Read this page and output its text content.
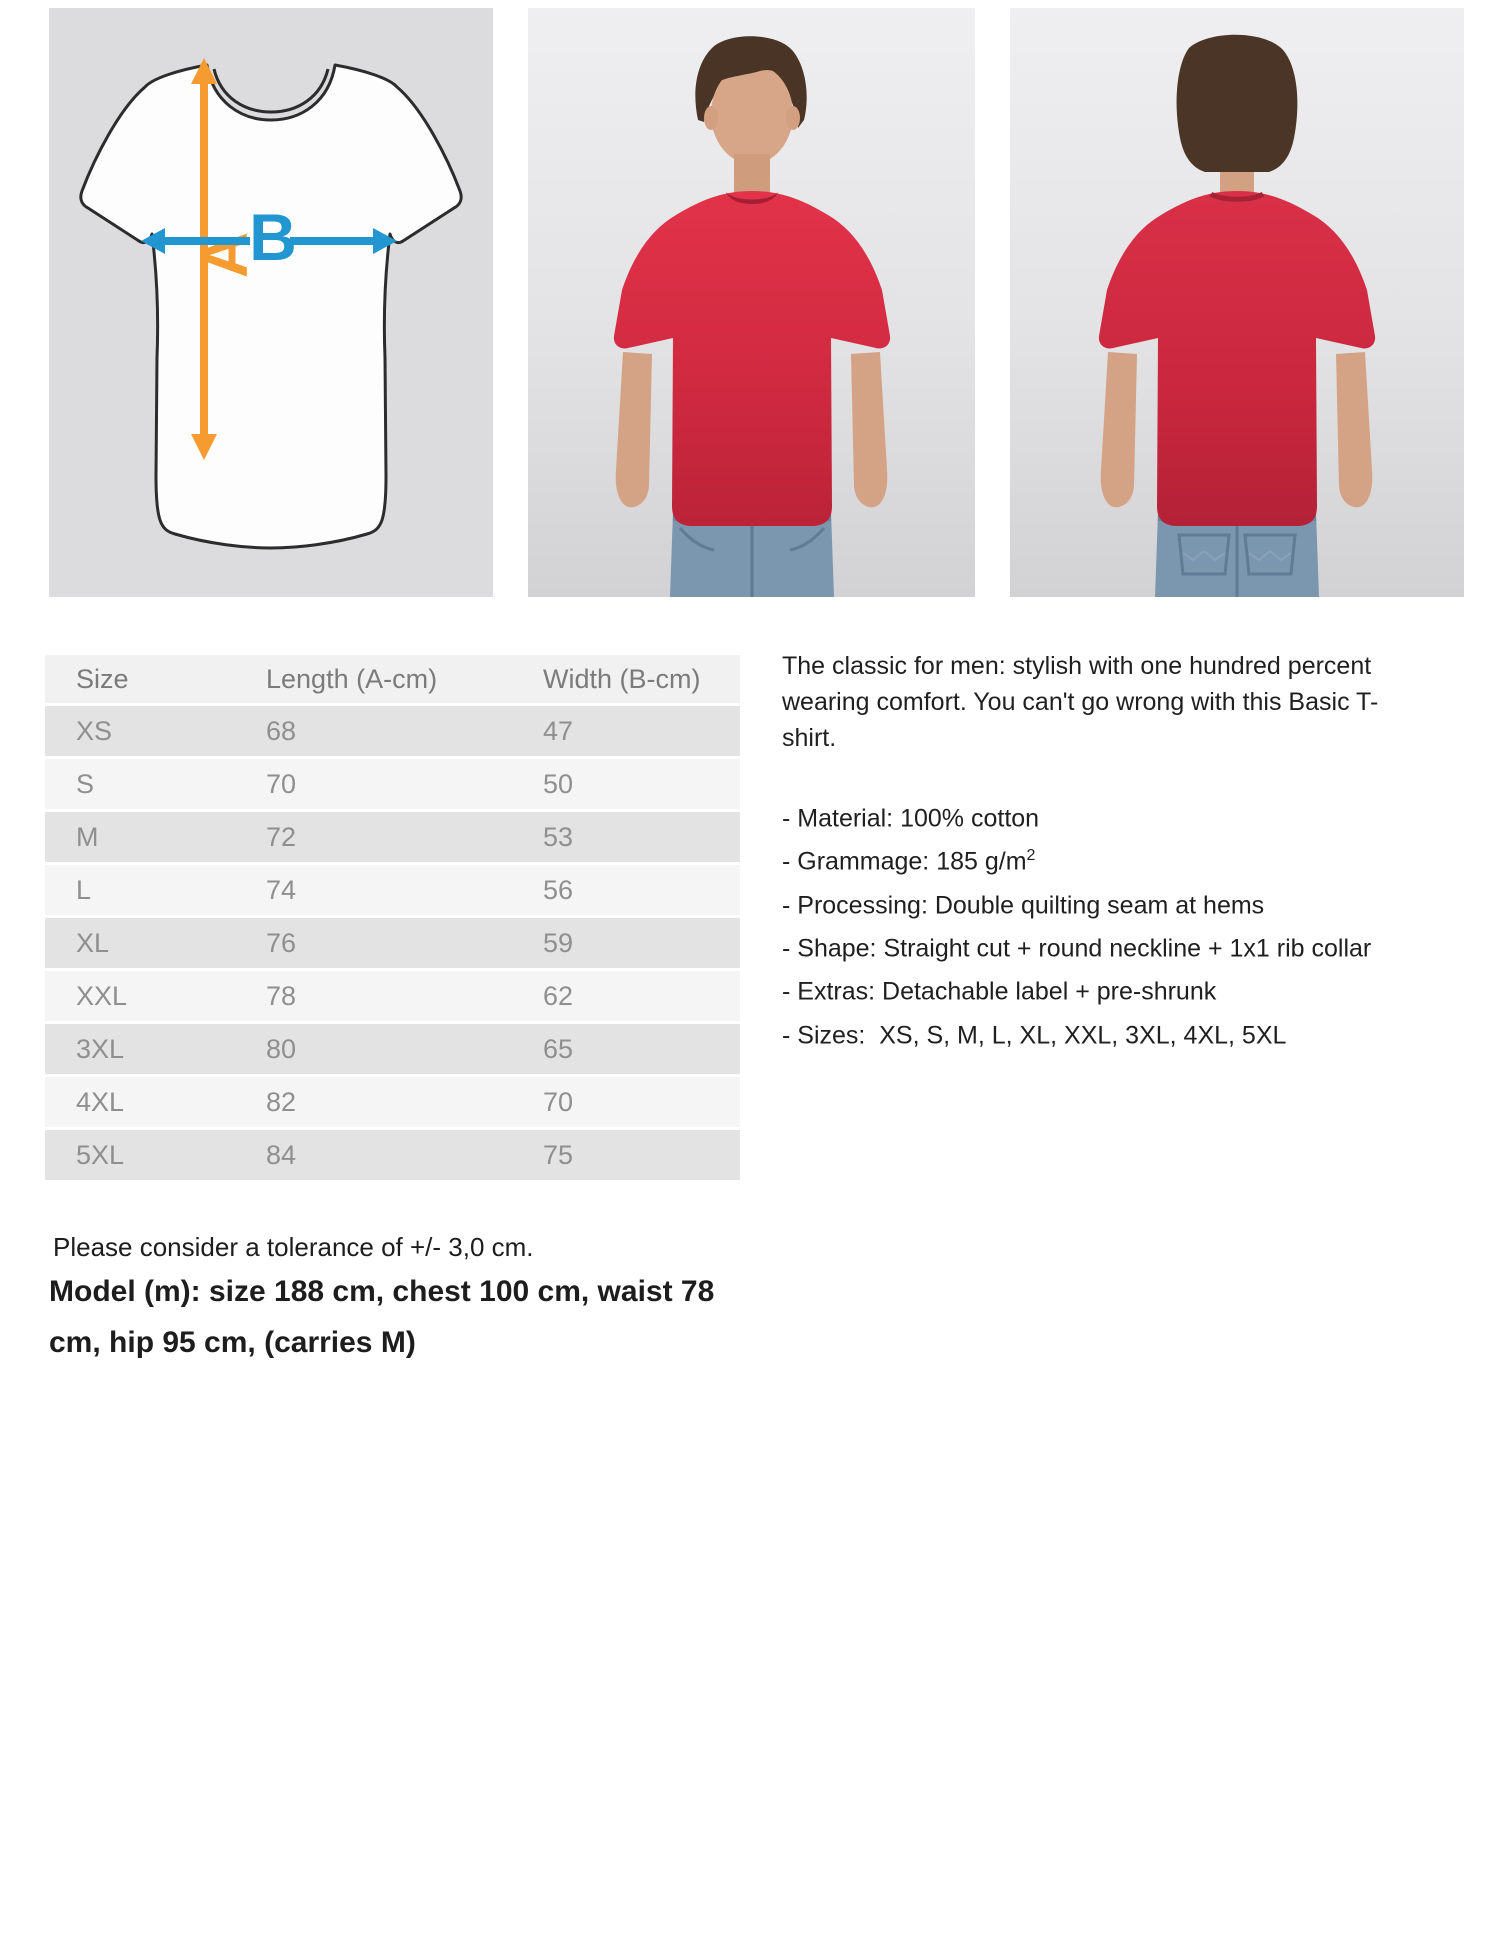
A
B
Size	Length (A-cm)	Width (B-cm)
XS	68	47
S	70	50
M	72	53
L	74	56
XL	76	59
XXL	78	62
3XL	80	65
4XL	82	70
5XL	84	75

The classic for men: stylish with one hundred percent wearing comfort. You can't go wrong with this Basic T-shirt.

- Material: 100% cotton
- Grammage: 185 $g/m^2$
- Processing: Double quilting seam at hems
- Shape: Straight cut + round neckline + 1x1 rib collar
- Extras: Detachable label + pre-shrunk
- Sizes:  XS, S, M, L, XL, XXL, 3XL, 4XL, 5XL

Please consider a tolerance of +/- 3,0 cm.

Model (m): size 188 cm, chest 100 cm, waist 78
cm, hip 95 cm, (carries M)
